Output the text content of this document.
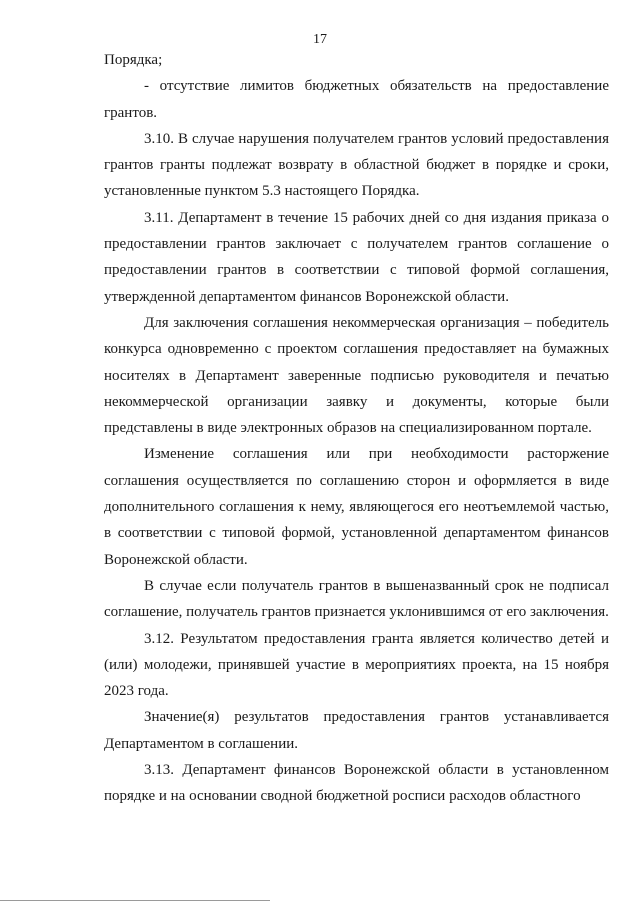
17

Порядка;

- отсутствие лимитов бюджетных обязательств на предоставление грантов.

3.10. В случае нарушения получателем грантов условий предоставления грантов гранты подлежат возврату в областной бюджет в порядке и сроки, установленные пунктом 5.3 настоящего Порядка.

3.11. Департамент в течение 15 рабочих дней со дня издания приказа о предоставлении грантов заключает с получателем грантов соглашение о предоставлении грантов в соответствии с типовой формой соглашения, утвержденной департаментом финансов Воронежской области.

Для заключения соглашения некоммерческая организация – победитель конкурса одновременно с проектом соглашения предоставляет на бумажных носителях в Департамент заверенные подписью руководителя и печатью некоммерческой организации заявку и документы, которые были представлены в виде электронных образов на специализированном портале.

Изменение соглашения или при необходимости расторжение соглашения осуществляется по соглашению сторон и оформляется в виде дополнительного соглашения к нему, являющегося его неотъемлемой частью, в соответствии с типовой формой, установленной департаментом финансов Воронежской области.

В случае если получатель грантов в вышеназванный срок не подписал соглашение, получатель грантов признается уклонившимся от его заключения.

3.12. Результатом предоставления гранта является количество детей и (или) молодежи, принявшей участие в мероприятиях проекта, на 15 ноября 2023 года.

Значение(я) результатов предоставления грантов устанавливается Департаментом в соглашении.

3.13. Департамент финансов Воронежской области в установленном порядке и на основании сводной бюджетной росписи расходов областного
